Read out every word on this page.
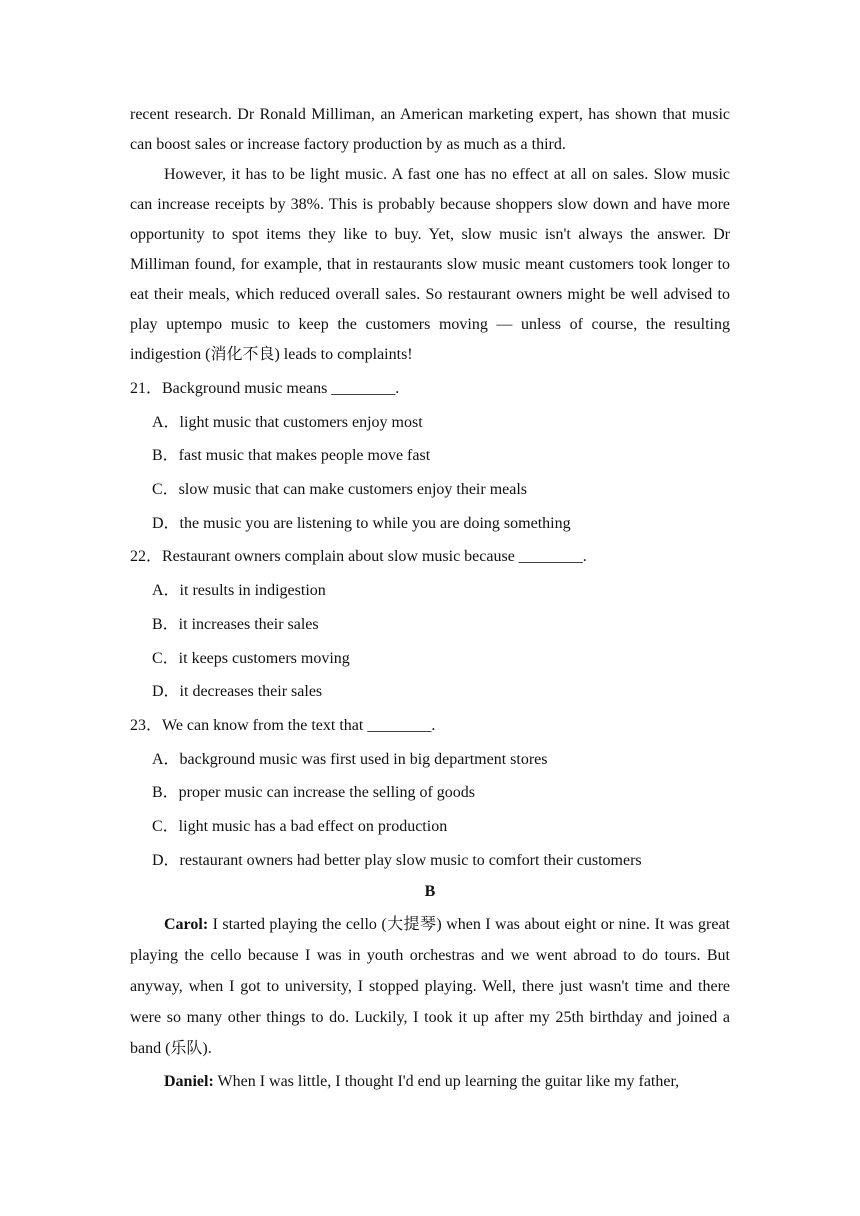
recent research. Dr Ronald Milliman, an American marketing expert, has shown that music can boost sales or increase factory production by as much as a third.

However, it has to be light music. A fast one has no effect at all on sales. Slow music can increase receipts by 38%. This is probably because shoppers slow down and have more opportunity to spot items they like to buy. Yet, slow music isn't always the answer. Dr Milliman found, for example, that in restaurants slow music meant customers took longer to eat their meals, which reduced overall sales. So restaurant owners might be well advised to play uptempo music to keep the customers moving — unless of course, the resulting indigestion (消化不良) leads to complaints!

21．Background music means ________.

A．light music that customers enjoy most

B．fast music that makes people move fast

C．slow music that can make customers enjoy their meals

D．the music you are listening to while you are doing something

22．Restaurant owners complain about slow music because ________.

A．it results in indigestion

B．it increases their sales

C．it keeps customers moving

D．it decreases their sales

23．We can know from the text that ________.

A．background music was first used in big department stores

B．proper music can increase the selling of goods

C．light music has a bad effect on production

D．restaurant owners had better play slow music to comfort their customers

B

Carol: I started playing the cello (大提琴) when I was about eight or nine. It was great playing the cello because I was in youth orchestras and we went abroad to do tours. But anyway, when I got to university, I stopped playing. Well, there just wasn't time and there were so many other things to do. Luckily, I took it up after my 25th birthday and joined a band (乐队).

Daniel: When I was little, I thought I'd end up learning the guitar like my father,
